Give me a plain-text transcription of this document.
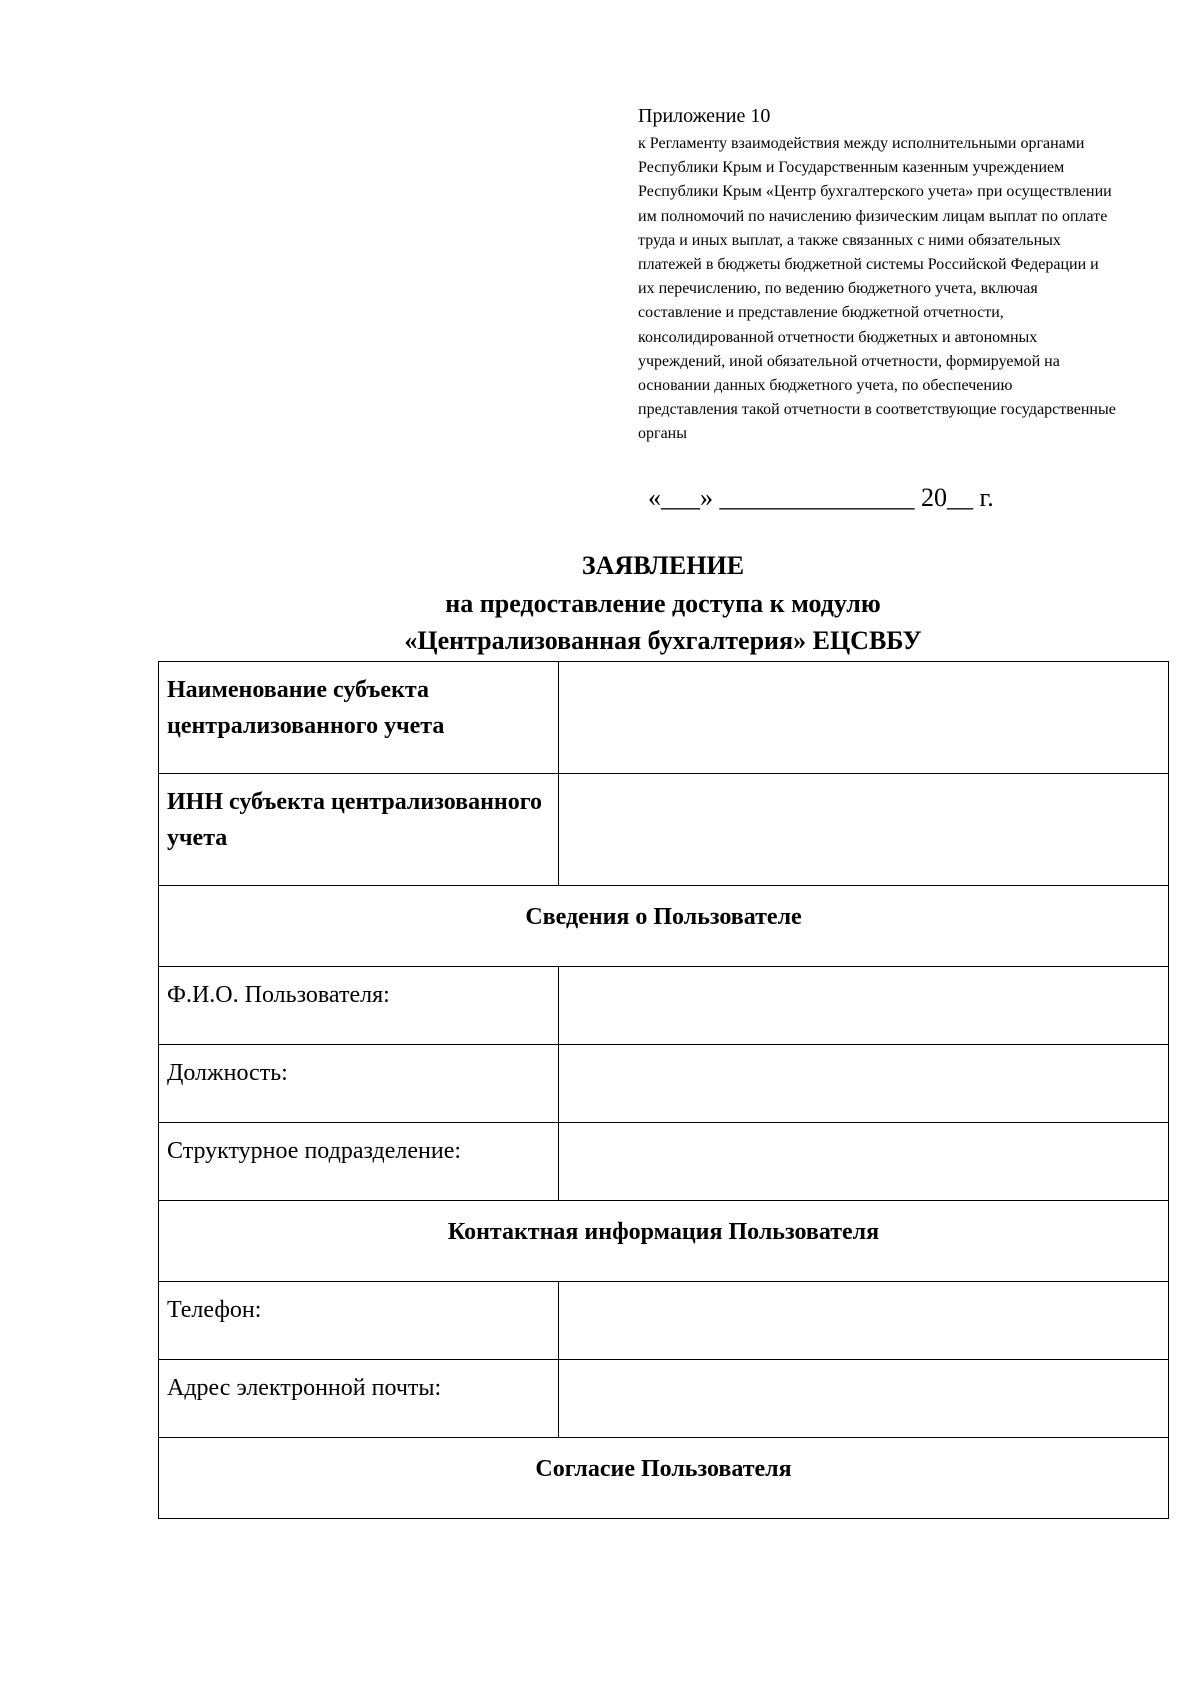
Приложение 10

к Регламенту взаимодействия между исполнительными органами Республики Крым и Государственным казенным учреждением Республики Крым «Центр бухгалтерского учета» при осуществлении им полномочий по начислению физическим лицам выплат по оплате труда и иных выплат, а также связанных с ними обязательных платежей в бюджеты бюджетной системы Российской Федерации и их перечислению, по ведению бюджетного учета, включая составление и представление бюджетной отчетности, консолидированной отчетности бюджетных и автономных учреждений, иной обязательной отчетности, формируемой на основании данных бюджетного учета, по обеспечению представления такой отчетности в соответствующие государственные органы

«___» _______________ 20__ г.
ЗАЯВЛЕНИЕ
на предоставление доступа к модулю
«Централизованная бухгалтерия» ЕЦСВБУ
Наименование субъекта централизованного учета	
ИНН субъекта централизованного учета	
Сведения о Пользователе	
Ф.И.О. Пользователя:	
Должность:	
Структурное подразделение:	
Контактная информация Пользователя	
Телефон:	
Адрес электронной почты:	
Согласие Пользователя	
